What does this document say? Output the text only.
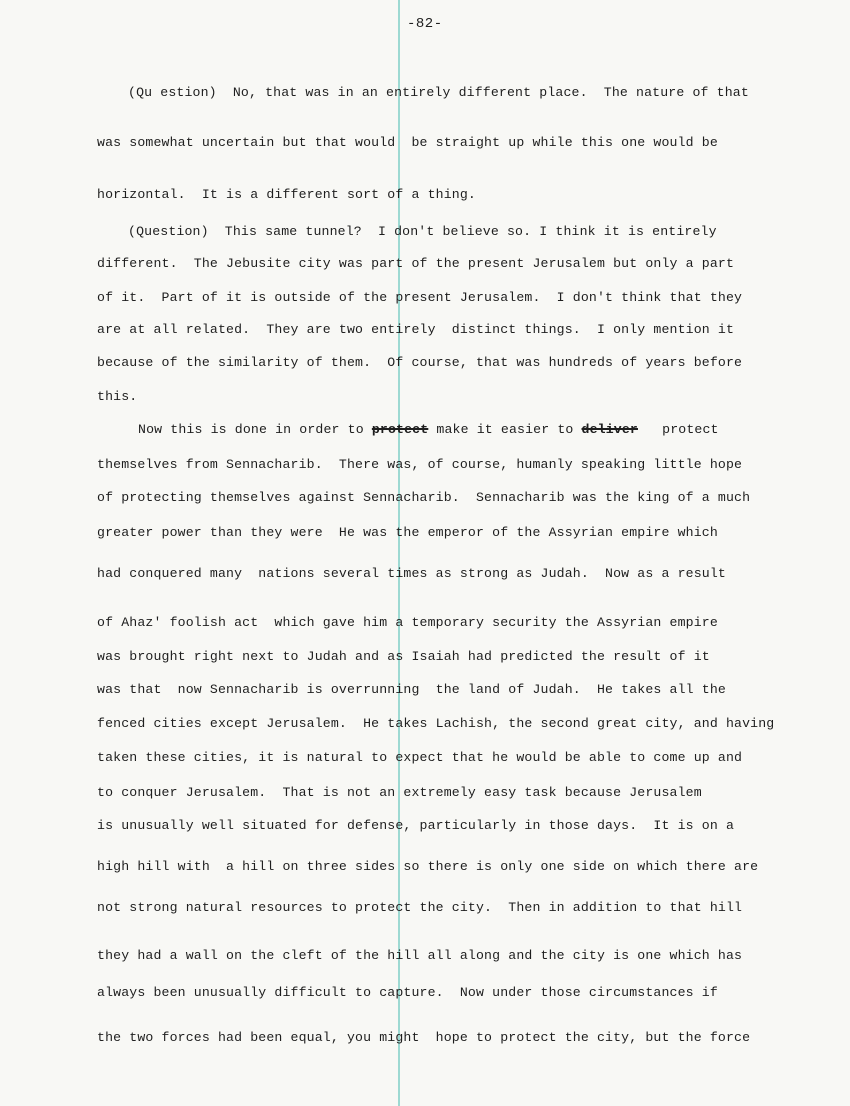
-82-
(Qu estion)  No, that was in an entirely different place.  The nature of that
was somewhat uncertain but that would  be straight up while this one would be
horizontal.  It is a different sort of a thing.
(Question)  This same tunnel?  I don't believe so. I think it is entirely
different.  The Jebusite city was part of the present Jerusalem but only a part
of it.  Part of it is outside of the present Jerusalem.  I don't think that they
are at all related.  They are two entirely  distinct things.  I only mention it
because of the similarity of them.  Of course, that was hundreds of years before
this.
Now this is done in order to protect make it easier to deliver   protect
themselves from Sennacharib.  There was, of course, humanly speaking little hope
of protecting themselves against Sennacharib.  Sennacharib was the king of a much
greater power than they were  He was the emperor of the Assyrian empire which
had conquered many  nations several times as strong as Judah.  Now as a result
of Ahaz' foolish act  which gave him a temporary security the Assyrian empire
was brought right next to Judah and as Isaiah had predicted the result of it
was that  now Sennacharib is overrunning  the land of Judah.  He takes all the
fenced cities except Jerusalem.  He takes Lachish, the second great city, and having
taken these cities, it is natural to expect that he would be able to come up and
to conquer Jerusalem.  That is not an extremely easy task because Jerusalem
is unusually well situated for defense, particularly in those days.  It is on a
high hill with  a hill on three sides so there is only one side on which there are
not strong natural resources to protect the city.  Then in addition to that hill
they had a wall on the cleft of the hill all along and the city is one which has
always been unusually difficult to capture.  Now under those circumstances if
the two forces had been equal, you might  hope to protect the city, but the force
